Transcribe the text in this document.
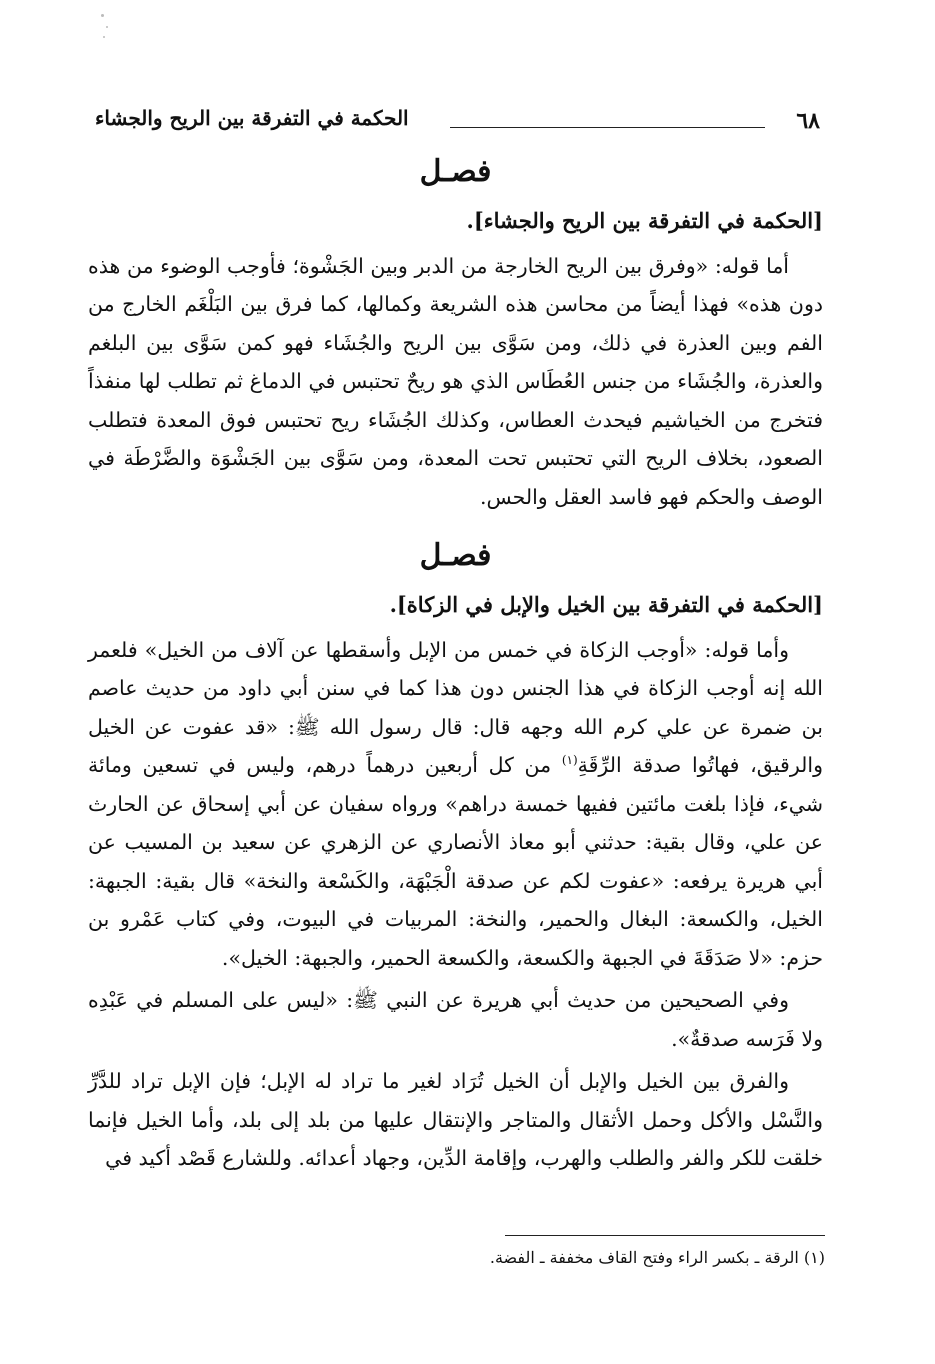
٦٨
الحكمة في التفرقة بين الريح والجشاء
فصـل
[الحكمة في التفرقة بين الريح والجشاء].

أما قوله: «وفرق بين الريح الخارجة من الدبر وبين الجَشْوة؛ فأوجب الوضوء من هذه دون هذه» فهذا أيضاً من محاسن هذه الشريعة وكمالها، كما فرق بين البَلْغَم الخارج من الفم وبين العذرة في ذلك، ومن سَوَّى بين الريح والجُشَاء فهو كمن سَوَّى بين البلغم والعذرة، والجُشَاء من جنس العُطَاس الذي هو ريحٌ تحتبس في الدماغ ثم تطلب لها منفذاً فتخرج من الخياشيم فيحدث العطاس، وكذلك الجُشَاء ريح تحتبس فوق المعدة فتطلب الصعود، بخلاف الريح التي تحتبس تحت المعدة، ومن سَوَّى بين الجَشْوَة والضَّرْطَة في الوصف والحكم فهو فاسد العقل والحس.

فصـل
[الحكمة في التفرقة بين الخيل والإبل في الزكاة].

وأما قوله: «أوجب الزكاة في خمس من الإبل وأسقطها عن آلاف من الخيل» فلعمر الله إنه أوجب الزكاة في هذا الجنس دون هذا كما في سنن أبي داود من حديث عاصم بن ضمرة عن علي كرم الله وجهه قال: قال رسول الله ﷺ: «قد عفوت عن الخيل والرقيق، فهاتُوا صدقة الرِّقَةِ$^{(١)}$ من كل أربعين درهماً درهم، وليس في تسعين ومائة شيء، فإذا بلغت مائتين ففيها خمسة دراهم» ورواه سفيان عن أبي إسحاق عن الحارث عن علي، وقال بقية: حدثني أبو معاذ الأنصاري عن الزهري عن سعيد بن المسيب عن أبي هريرة يرفعه: «عفوت لكم عن صدقة الْجَبْهَة، والكَسْعة والنخة» قال بقية: الجبهة: الخيل، والكسعة: البغال والحمير، والنخة: المربيات في البيوت، وفي كتاب عَمْرو بن حزم: «لا صَدَقَةَ في الجبهة والكسعة، والكسعة الحمير، والجبهة: الخيل».

وفي الصحيحين من حديث أبي هريرة عن النبي ﷺ: «ليس على المسلم في عَبْدِه ولا فَرَسه صدقةٌ».

والفرق بين الخيل والإبل أن الخيل تُرَاد لغير ما تراد له الإبل؛ فإن الإبل تراد للدَّرِّ والنَّسْل والأكل وحمل الأثقال والمتاجر والإنتقال عليها من بلد إلى بلد، وأما الخيل فإنما خلقت للكر والفر والطلب والهرب، وإقامة الدِّين، وجهاد أعدائه. وللشارع قَصْد أكيد في

(١) الرقة ـ بكسر الراء وفتح القاف مخففة ـ الفضة.
